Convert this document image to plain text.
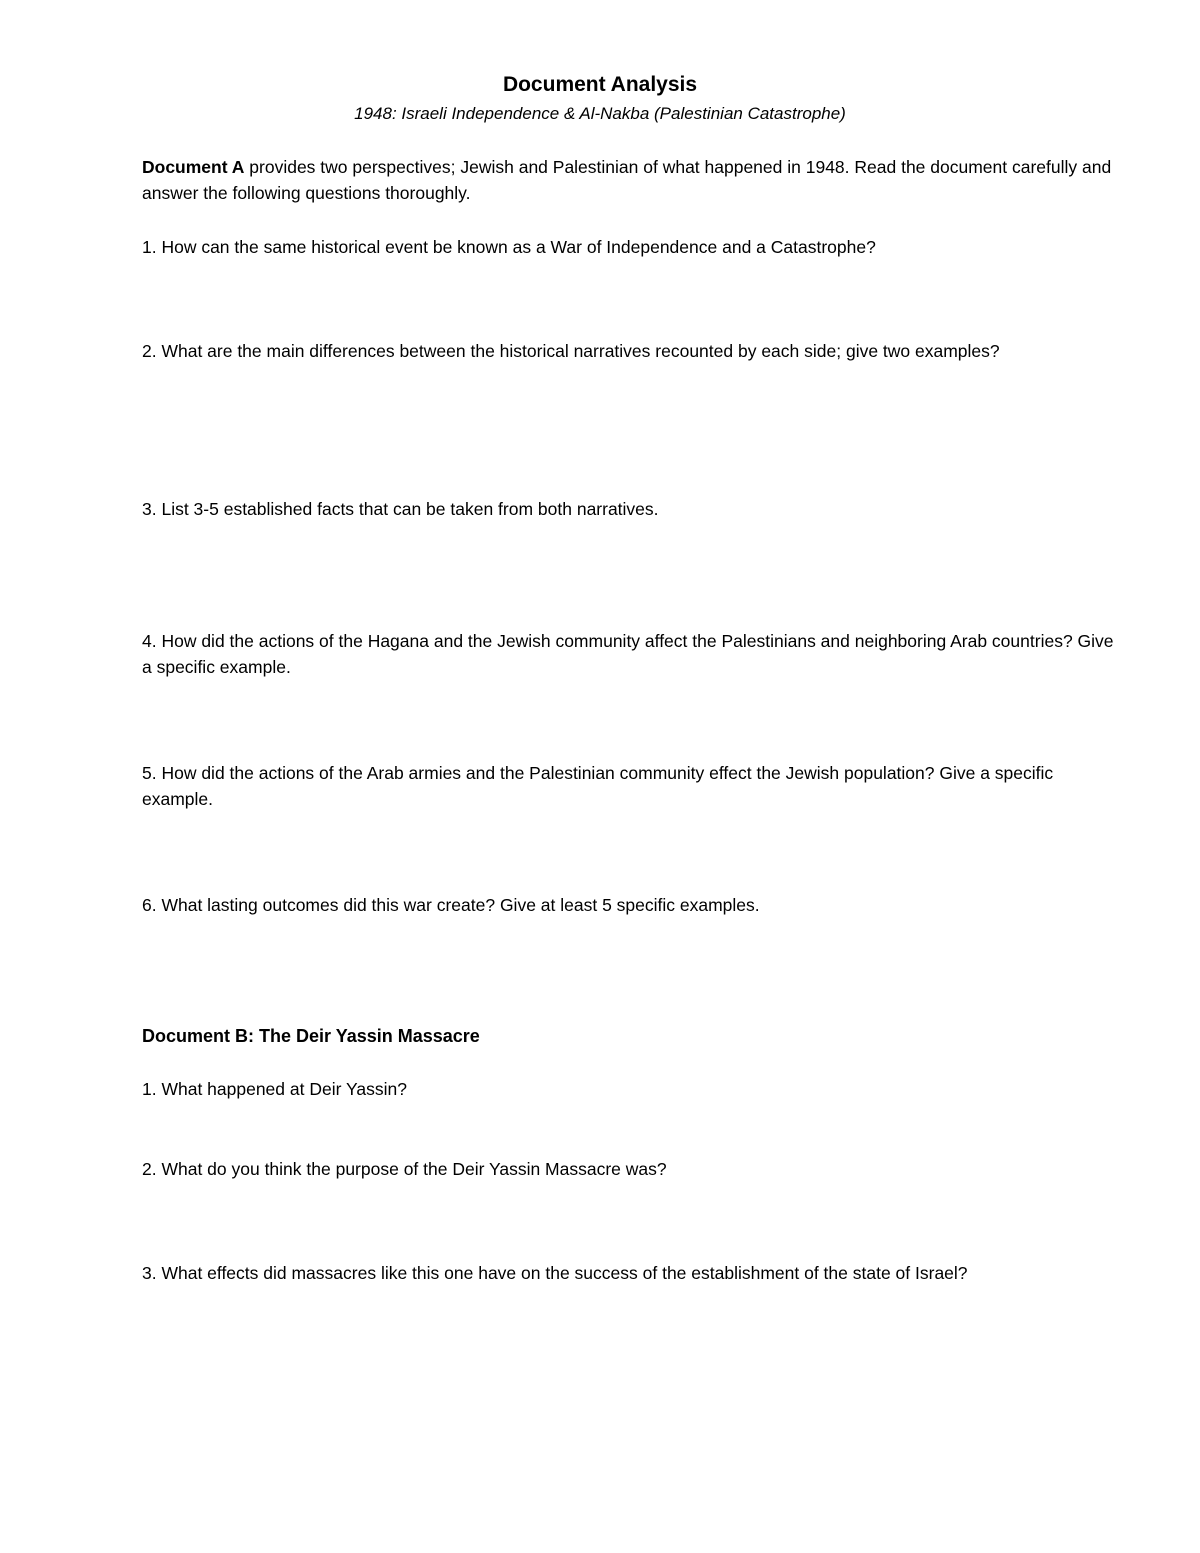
Document Analysis
1948: Israeli Independence & Al-Nakba (Palestinian Catastrophe)
Document A provides two perspectives; Jewish and Palestinian of what happened in 1948. Read the document carefully and answer the following questions thoroughly.
1. How can the same historical event be known as a War of Independence and a Catastrophe?
2. What are the main differences between the historical narratives recounted by each side; give two examples?
3. List 3-5 established facts that can be taken from both narratives.
4. How did the actions of the Hagana and the Jewish community affect the Palestinians and neighboring Arab countries? Give a specific example.
5. How did the actions of the Arab armies and the Palestinian community effect the Jewish population? Give a specific example.
6. What lasting outcomes did this war create? Give at least 5 specific examples.
Document B: The Deir Yassin Massacre
1. What happened at Deir Yassin?
2. What do you think the purpose of the Deir Yassin Massacre was?
3. What effects did massacres like this one have on the success of the establishment of the state of Israel?
